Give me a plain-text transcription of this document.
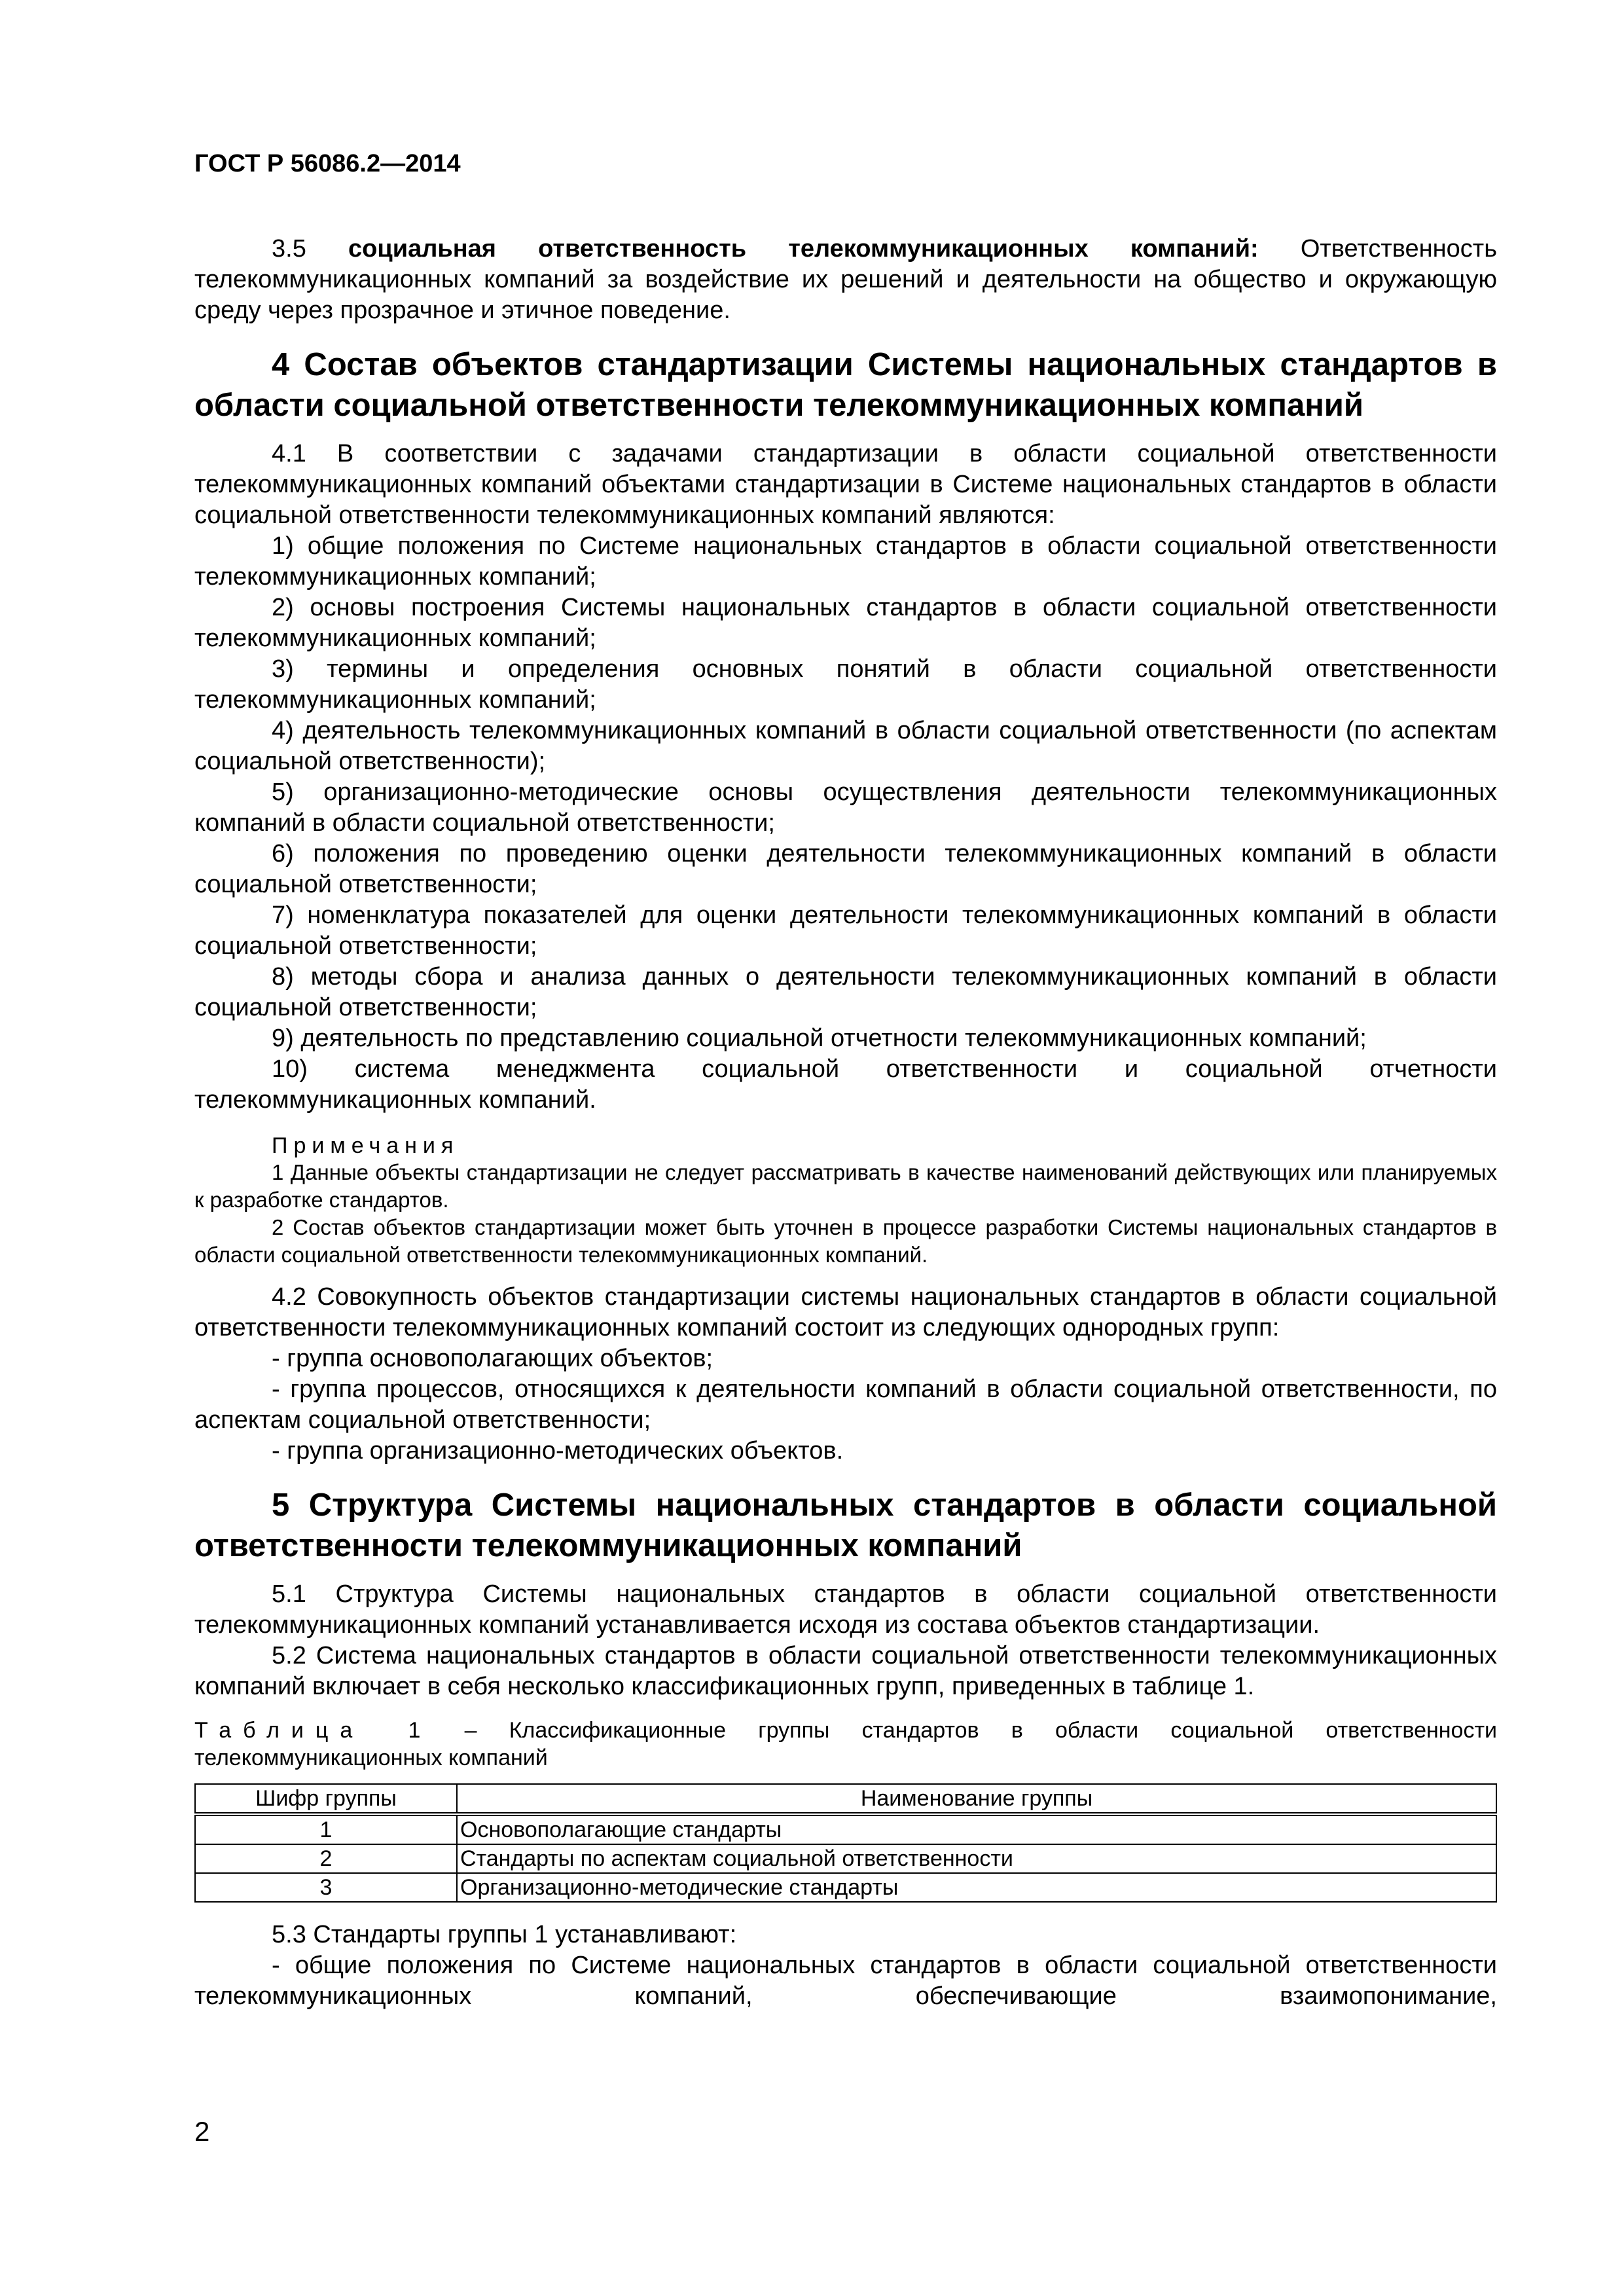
ГОСТ Р 56086.2—2014

3.5 социальная ответственность телекоммуникационных компаний: Ответственность телекоммуникационных компаний за воздействие их решений и деятельности на общество и окружающую среду через прозрачное и этичное поведение.

4 Состав объектов стандартизации Системы национальных стандартов в области социальной ответственности телекоммуникационных компаний

4.1 В соответствии с задачами стандартизации в области социальной ответственности телекоммуникационных компаний объектами стандартизации в Системе национальных стандартов в области социальной ответственности телекоммуникационных компаний являются:

1) общие положения по Системе национальных стандартов в области социальной ответственности телекоммуникационных компаний;

2) основы построения Системы национальных стандартов в области социальной ответственности телекоммуникационных компаний;

3) термины и определения основных понятий в области социальной ответственности телекоммуникационных компаний;

4) деятельность телекоммуникационных компаний в области социальной ответственности (по аспектам социальной ответственности);

5) организационно-методические основы осуществления деятельности телекоммуникационных компаний в области социальной ответственности;

6) положения по проведению оценки деятельности телекоммуникационных компаний в области социальной ответственности;

7) номенклатура показателей для оценки деятельности телекоммуникационных компаний в области социальной ответственности;

8) методы сбора и анализа данных о деятельности телекоммуникационных компаний в области социальной ответственности;

9) деятельность по представлению социальной отчетности телекоммуникационных компаний;

10) система менеджмента социальной ответственности и социальной отчетности телекоммуникационных компаний.

Примечания

1 Данные объекты стандартизации не следует рассматривать в качестве наименований действующих или планируемых к разработке стандартов.

2 Состав объектов стандартизации может быть уточнен в процессе разработки Системы национальных стандартов в области социальной ответственности телекоммуникационных компаний.

4.2 Совокупность объектов стандартизации системы национальных стандартов в области социальной ответственности телекоммуникационных компаний состоит из следующих однородных групп:

- группа основополагающих объектов;

- группа процессов, относящихся к деятельности компаний в области социальной ответственности, по аспектам социальной ответственности;

- группа организационно-методических объектов.

5 Структура Системы национальных стандартов в области социальной ответственности телекоммуникационных компаний

5.1 Структура Системы национальных стандартов в области социальной ответственности телекоммуникационных компаний устанавливается исходя из состава объектов стандартизации.

5.2 Система национальных стандартов в области социальной ответственности телекоммуникационных компаний включает в себя несколько классификационных групп, приведенных в таблице 1.

Таблица 1 – Классификационные группы стандартов в области социальной ответственности телекоммуникационных компаний
Шифр группы	Наименование группы
1	Основополагающие стандарты
2	Стандарты по аспектам социальной ответственности
3	Организационно-методические стандарты

5.3 Стандарты группы 1 устанавливают:

- общие положения по Системе национальных стандартов в области социальной ответственности телекоммуникационных компаний, обеспечивающие взаимопонимание,

2
